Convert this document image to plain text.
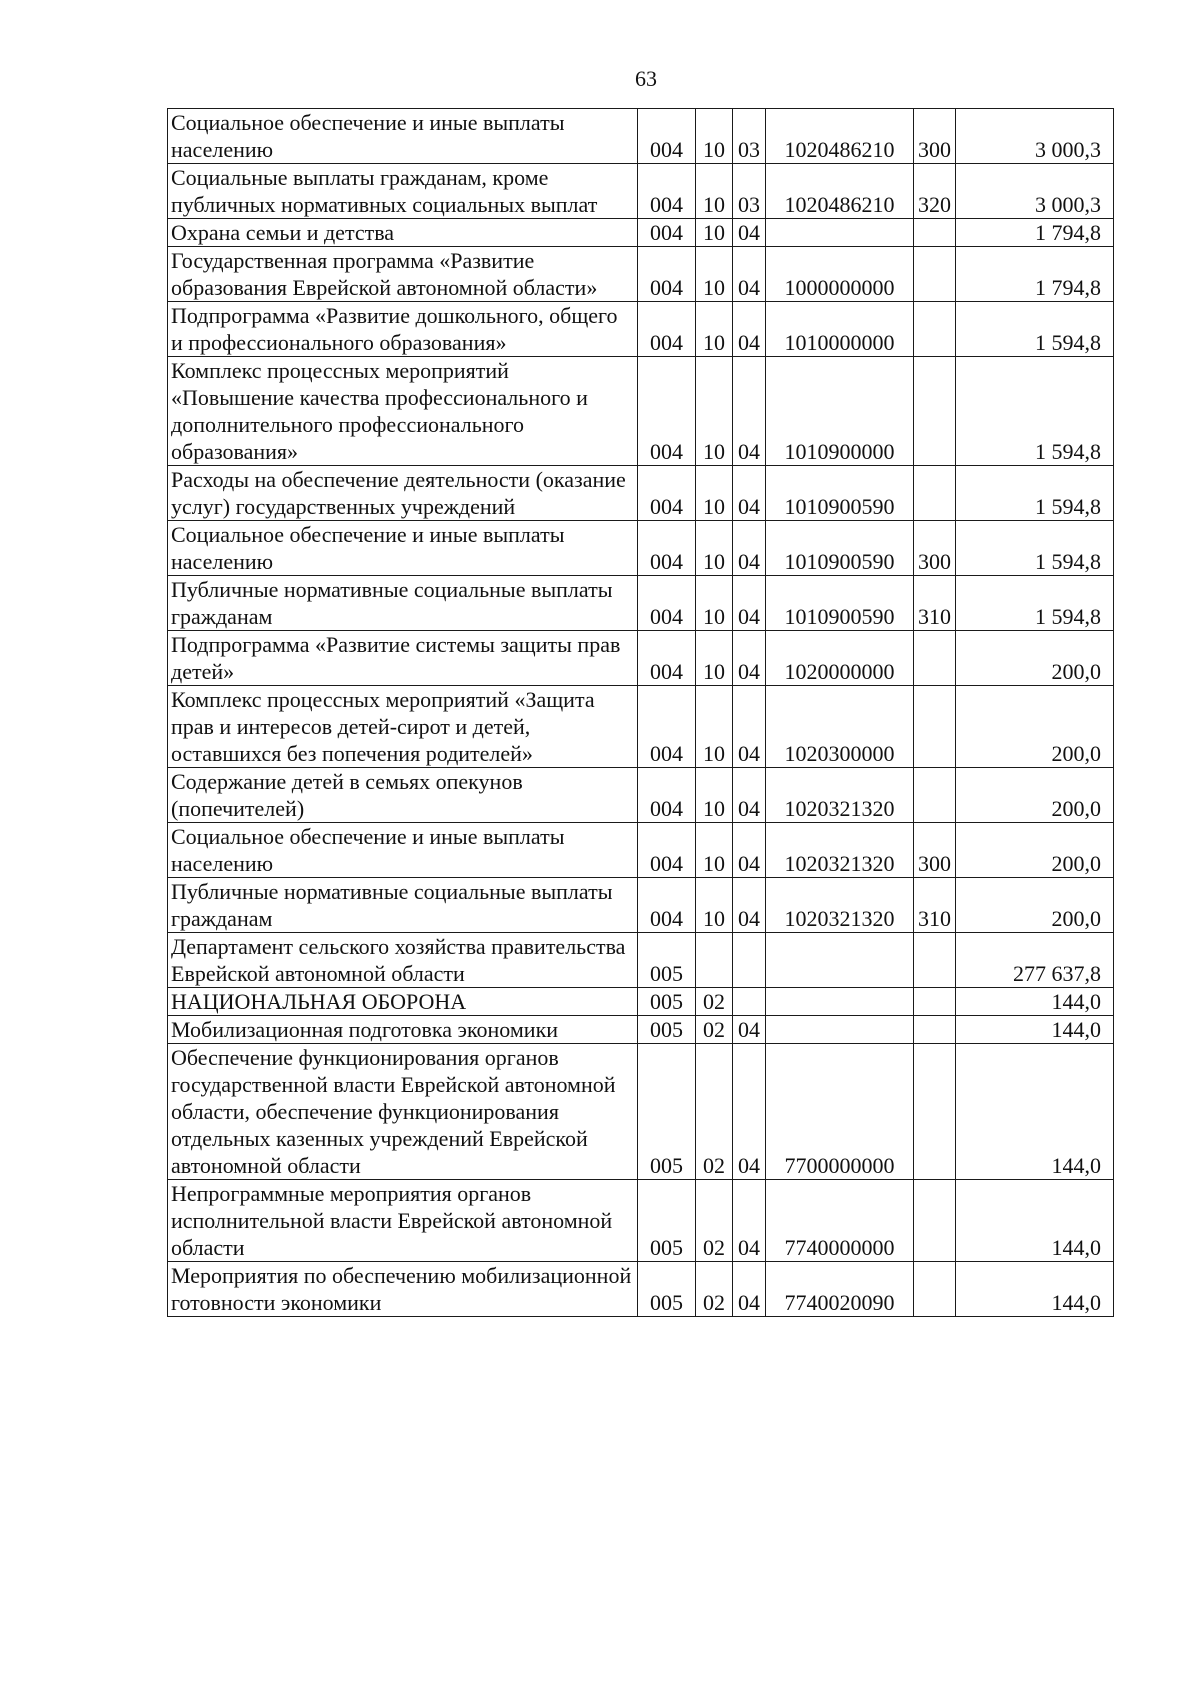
63
Социальное обеспечение и иные выплаты населению	004	10	03	1020486210	300	3 000,3
Социальные выплаты гражданам, кроме публичных нормативных социальных выплат	004	10	03	1020486210	320	3 000,3
Охрана семьи и детства	004	10	04			1 794,8
Государственная программа «Развитие образования Еврейской автономной области»	004	10	04	1000000000		1 794,8
Подпрограмма «Развитие дошкольного, общего и профессионального образования»	004	10	04	1010000000		1 594,8
Комплекс процессных мероприятий «Повышение качества профессионального и дополнительного профессионального образования»	004	10	04	1010900000		1 594,8
Расходы на обеспечение деятельности (оказание услуг) государственных учреждений	004	10	04	1010900590		1 594,8
Социальное обеспечение и иные выплаты населению	004	10	04	1010900590	300	1 594,8
Публичные нормативные социальные выплаты гражданам	004	10	04	1010900590	310	1 594,8
Подпрограмма «Развитие системы защиты прав детей»	004	10	04	1020000000		200,0
Комплекс процессных мероприятий «Защита прав и интересов детей-сирот и детей, оставшихся без попечения родителей»	004	10	04	1020300000		200,0
Содержание детей в семьях опекунов (попечителей)	004	10	04	1020321320		200,0
Социальное обеспечение и иные выплаты населению	004	10	04	1020321320	300	200,0
Публичные нормативные социальные выплаты гражданам	004	10	04	1020321320	310	200,0
Департамент сельского хозяйства правительства Еврейской автономной области	005					277 637,8
НАЦИОНАЛЬНАЯ ОБОРОНА	005	02				144,0
Мобилизационная подготовка экономики	005	02	04			144,0
Обеспечение функционирования органов государственной власти Еврейской автономной области, обеспечение функционирования отдельных казенных учреждений Еврейской автономной области	005	02	04	7700000000		144,0
Непрограммные мероприятия органов исполнительной власти Еврейской автономной области	005	02	04	7740000000		144,0
Мероприятия по обеспечению мобилизационной готовности экономики	005	02	04	7740020090		144,0
